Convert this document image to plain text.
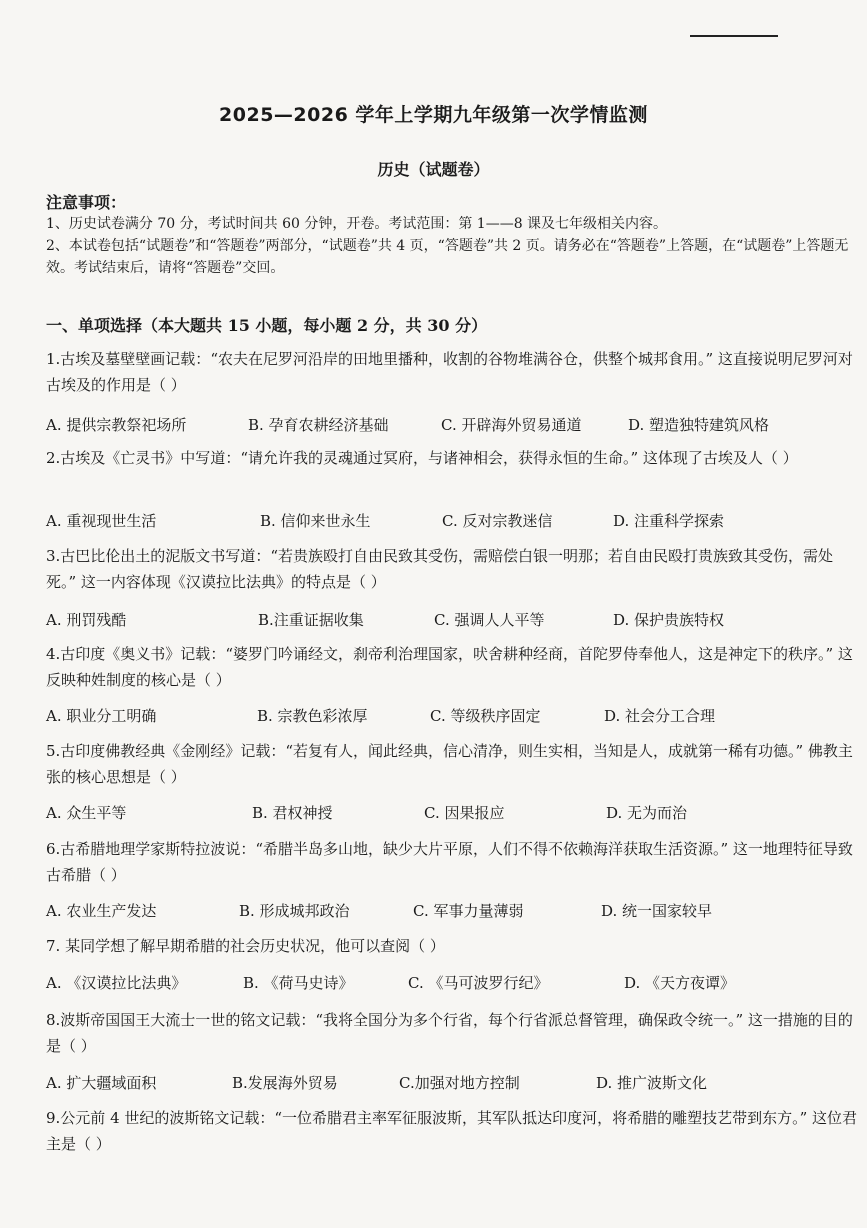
2025—2026 学年上学期九年级第一次学情监测
历史（试题卷）
注意事项：

1、历史试卷满分 70 分，考试时间共 60 分钟，开卷。考试范围：第 1——8 课及七年级相关内容。

2、本试卷包括“试题卷”和“答题卷”两部分，“试题卷”共 4 页，“答题卷”共 2 页。请务必在“答题卷”上答题，在“试题卷”上答题无效。考试结束后，请将“答题卷”交回。

一、单项选择（本大题共 15 小题，每小题 2 分，共 30 分）
1.古埃及墓壁壁画记载：“农夫在尼罗河沿岸的田地里播种，收割的谷物堆满谷仓，供整个城邦食用。” 这直接说明尼罗河对古埃及的作用是（ ）
A. 提供宗教祭祀场所	B. 孕育农耕经济基础	C. 开辟海外贸易通道	D. 塑造独特建筑风格
2.古埃及《亡灵书》中写道：“请允许我的灵魂通过冥府，与诸神相会，获得永恒的生命。” 这体现了古埃及人（ ）
A. 重视现世生活	B. 信仰来世永生	C. 反对宗教迷信	D. 注重科学探索
3.古巴比伦出土的泥版文书写道：“若贵族殴打自由民致其受伤，需赔偿白银一明那；若自由民殴打贵族致其受伤，需处死。” 这一内容体现《汉谟拉比法典》的特点是（ ）
A. 刑罚残酷	B.注重证据收集	C. 强调人人平等	D. 保护贵族特权
4.古印度《奥义书》记载：“婆罗门吟诵经文，刹帝利治理国家，吠舍耕种经商，首陀罗侍奉他人，这是神定下的秩序。” 这反映种姓制度的核心是（ ）
A. 职业分工明确	B. 宗教色彩浓厚	C. 等级秩序固定	D. 社会分工合理
5.古印度佛教经典《金刚经》记载：“若复有人，闻此经典，信心清净，则生实相，当知是人，成就第一稀有功德。” 佛教主张的核心思想是（ ）
A. 众生平等	B. 君权神授	C. 因果报应	D. 无为而治
6.古希腊地理学家斯特拉波说：“希腊半岛多山地，缺少大片平原，人们不得不依赖海洋获取生活资源。” 这一地理特征导致古希腊（ ）
A. 农业生产发达	B. 形成城邦政治	C. 军事力量薄弱	D. 统一国家较早
7. 某同学想了解早期希腊的社会历史状况，他可以查阅（ ）
A. 《汉谟拉比法典》	B. 《荷马史诗》	C. 《马可波罗行纪》	D. 《天方夜谭》
8.波斯帝国国王大流士一世的铭文记载：“我将全国分为多个行省，每个行省派总督管理，确保政令统一。” 这一措施的目的是（ ）
A. 扩大疆域面积	B.发展海外贸易	C.加强对地方控制	D. 推广波斯文化
9.公元前 4 世纪的波斯铭文记载：“一位希腊君主率军征服波斯，其军队抵达印度河，将希腊的雕塑技艺带到东方。” 这位君主是（ ）
